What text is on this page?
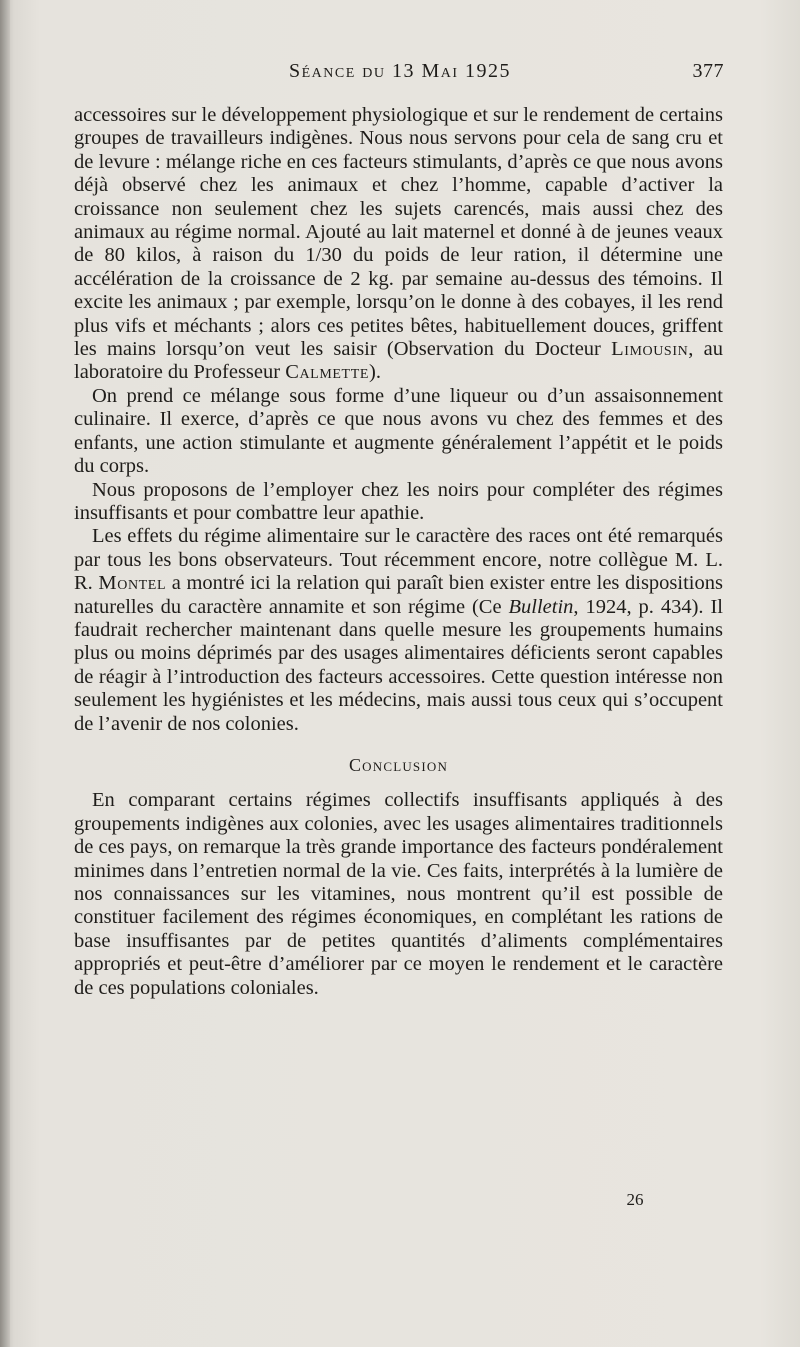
Séance du 13 Mai 1925	377

accessoires sur le développement physiologique et sur le rendement de certains groupes de travailleurs indigènes. Nous nous servons pour cela de sang cru et de levure : mélange riche en ces facteurs stimulants, d’après ce que nous avons déjà observé chez les animaux et chez l’homme, capable d’activer la croissance non seulement chez les sujets carencés, mais aussi chez des animaux au régime normal. Ajouté au lait maternel et donné à de jeunes veaux de 80 kilos, à raison du 1/30 du poids de leur ration, il détermine une accélération de la croissance de 2 kg. par semaine au-dessus des témoins. Il excite les animaux ; par exemple, lorsqu’on le donne à des cobayes, il les rend plus vifs et méchants ; alors ces petites bêtes, habituellement douces, griffent les mains lorsqu’on veut les saisir (Observation du Docteur Limousin, au laboratoire du Professeur Calmette).

On prend ce mélange sous forme d’une liqueur ou d’un assaisonnement culinaire. Il exerce, d’après ce que nous avons vu chez des femmes et des enfants, une action stimulante et augmente généralement l’appétit et le poids du corps.

Nous proposons de l’employer chez les noirs pour compléter des régimes insuffisants et pour combattre leur apathie.

Les effets du régime alimentaire sur le caractère des races ont été remarqués par tous les bons observateurs. Tout récemment encore, notre collègue M. L. R. Montel a montré ici la relation qui paraît bien exister entre les dispositions naturelles du caractère annamite et son régime (Ce Bulletin, 1924, p. 434). Il faudrait rechercher maintenant dans quelle mesure les groupements humains plus ou moins déprimés par des usages alimentaires déficients seront capables de réagir à l’introduction des facteurs accessoires. Cette question intéresse non seulement les hygiénistes et les médecins, mais aussi tous ceux qui s’occupent de l’avenir de nos colonies.

Conclusion

En comparant certains régimes collectifs insuffisants appliqués à des groupements indigènes aux colonies, avec les usages alimentaires traditionnels de ces pays, on remarque la très grande importance des facteurs pondéralement minimes dans l’entretien normal de la vie. Ces faits, interprétés à la lumière de nos connaissances sur les vitamines, nous montrent qu’il est possible de constituer facilement des régimes économiques, en complétant les rations de base insuffisantes par de petites quantités d’aliments complémentaires appropriés et peut-être d’améliorer par ce moyen le rendement et le caractère de ces populations coloniales.

26
